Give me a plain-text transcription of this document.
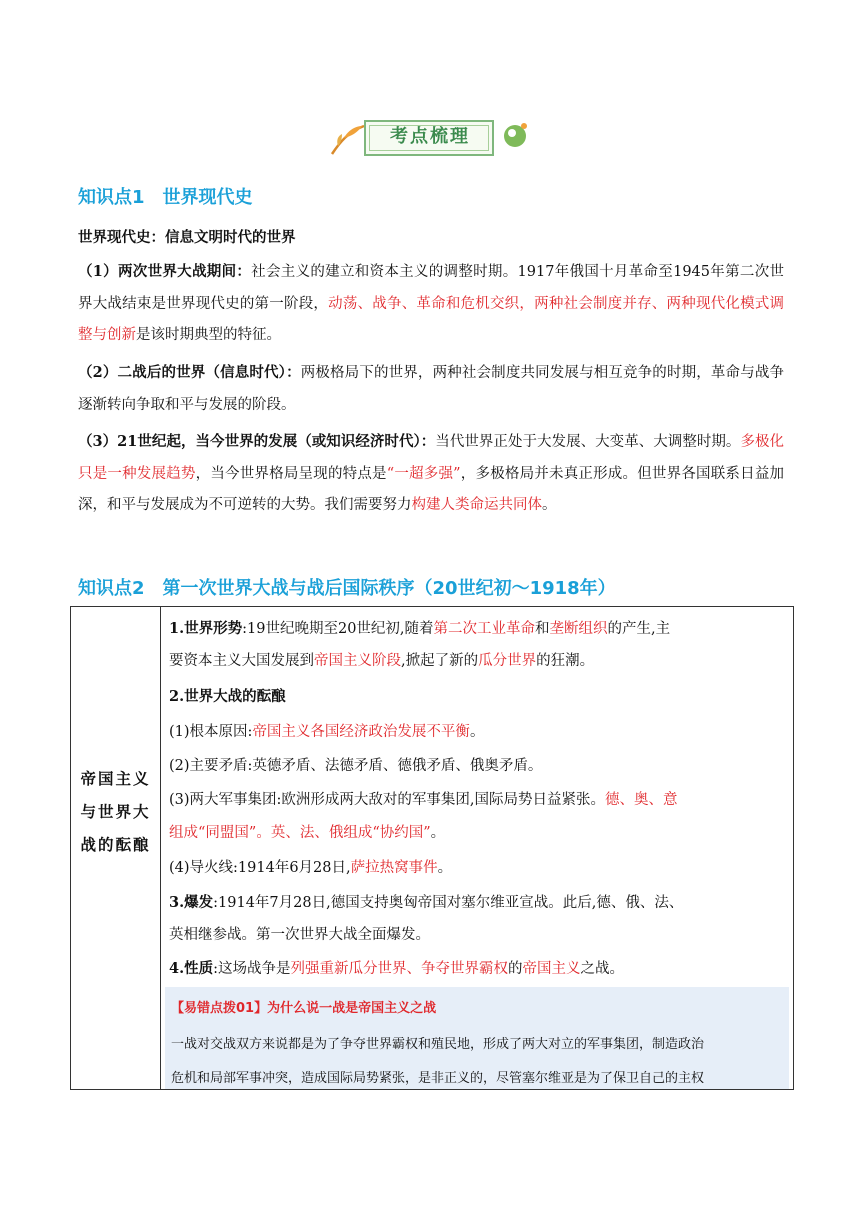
考点梳理
知识点1　世界现代史
世界现代史：信息文明时代的世界
（1）两次世界大战期间：社会主义的建立和资本主义的调整时期。1917年俄国十月革命至1945年第二次世界大战结束是世界现代史的第一阶段，动荡、战争、革命和危机交织，两种社会制度并存、两种现代化模式调整与创新是该时期典型的特征。
（2）二战后的世界（信息时代）：两极格局下的世界，两种社会制度共同发展与相互竞争的时期，革命与战争逐渐转向争取和平与发展的阶段。
（3）21世纪起，当今世界的发展（或知识经济时代）：当代世界正处于大发展、大变革、大调整时期。多极化只是一种发展趋势，当今世界格局呈现的特点是“一超多强”，多极格局并未真正形成。但世界各国联系日益加深，和平与发展成为不可逆转的大势。我们需要努力构建人类命运共同体。
知识点2　第一次世界大战与战后国际秩序（20世纪初～1918年）
帝国主义与世界大战的酝酿
1.世界形势:19世纪晚期至20世纪初,随着第二次工业革命和垄断组织的产生,主
要资本主义大国发展到帝国主义阶段,掀起了新的瓜分世界的狂潮。
2.世界大战的酝酿
(1)根本原因:帝国主义各国经济政治发展不平衡。
(2)主要矛盾:英德矛盾、法德矛盾、德俄矛盾、俄奥矛盾。
(3)两大军事集团:欧洲形成两大敌对的军事集团,国际局势日益紧张。德、奥、意
组成“同盟国”。英、法、俄组成“协约国”。
(4)导火线:1914年6月28日,萨拉热窝事件。
3.爆发:1914年7月28日,德国支持奥匈帝国对塞尔维亚宣战。此后,德、俄、法、
英相继参战。第一次世界大战全面爆发。
4.性质:这场战争是列强重新瓜分世界、争夺世界霸权的帝国主义之战。
【易错点拨01】为什么说一战是帝国主义之战
一战对交战双方来说都是为了争夺世界霸权和殖民地，形成了两大对立的军事集团，制造政治
危机和局部军事冲突，造成国际局势紧张，是非正义的，尽管塞尔维亚是为了保卫自己的主权
